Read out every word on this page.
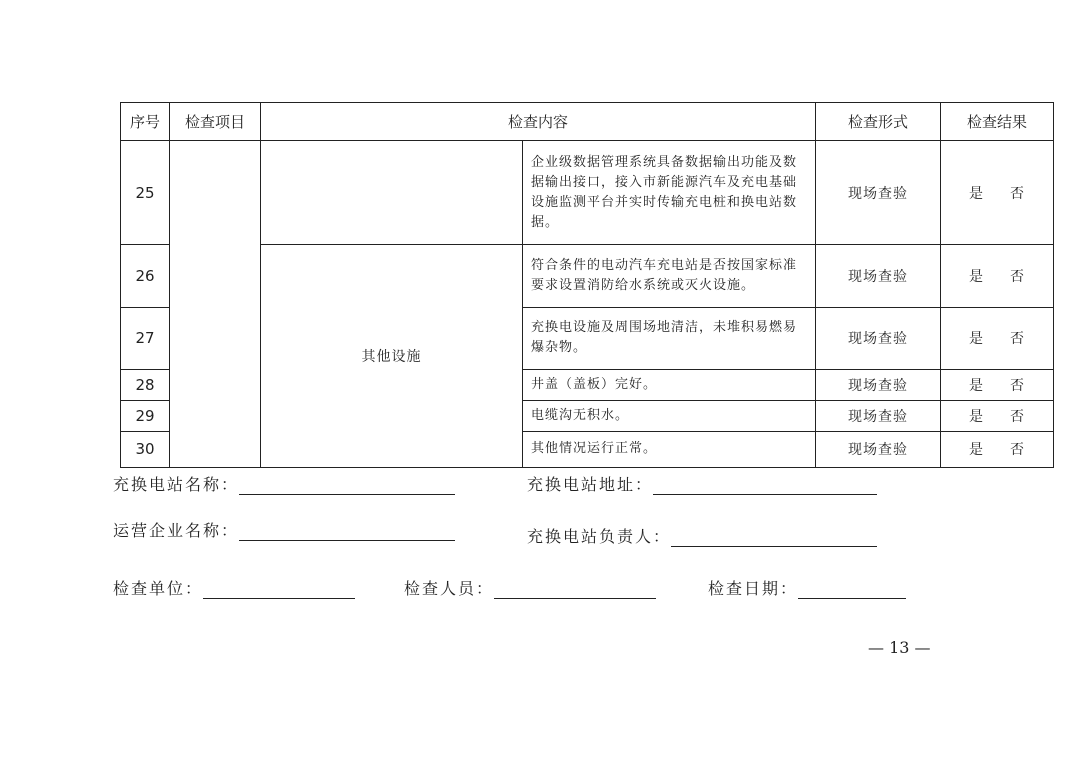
序号	检查项目	检查内容		检查形式	检查结果
25			企业级数据管理系统具备数据输出功能及数据输出接口，接入市新能源汽车及充电基础设施监测平台并实时传输充电桩和换电站数据。	现场查验	是 否
26		其他设施	符合条件的电动汽车充电站是否按国家标准要求设置消防给水系统或灭火设施。	现场查验	是 否
27			充换电设施及周围场地清洁，未堆积易燃易爆杂物。	现场查验	是 否
28			井盖（盖板）完好。	现场查验	是 否
29			电缆沟无积水。	现场查验	是 否
30			其他情况运行正常。	现场查验	是 否
充换电站名称：	充换电站地址：
运营企业名称：	充换电站负责人：
检查单位：	检查人员：	检查日期：
— 13 —
